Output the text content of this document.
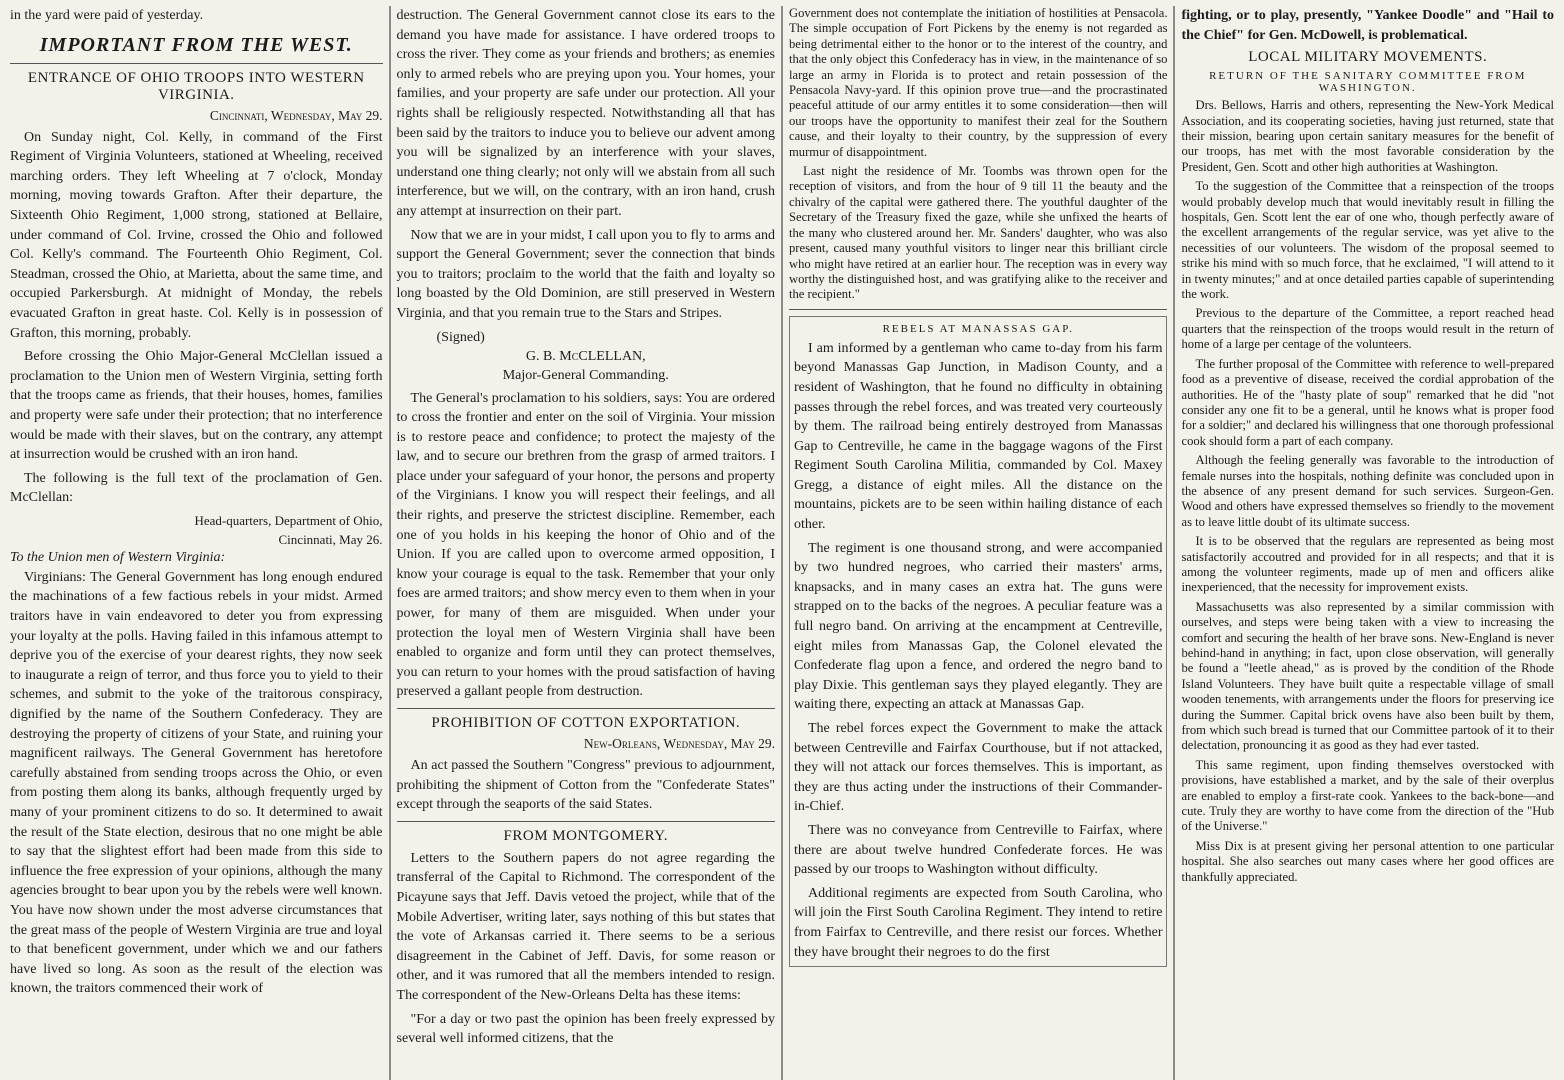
in the yard were paid of yesterday.

IMPORTANT FROM THE WEST.
ENTRANCE OF OHIO TROOPS INTO WESTERN VIRGINIA.
Cincinnati, Wednesday, May 29.

On Sunday night, Col. Kelly, in command of the First Regiment of Virginia Volunteers, stationed at Wheeling, received marching orders. They left Wheeling at 7 o'clock, Monday morning, moving towards Grafton. After their departure, the Sixteenth Ohio Regiment, 1,000 strong, stationed at Bellaire, under command of Col. Irvine, crossed the Ohio and followed Col. Kelly's command. The Fourteenth Ohio Regiment, Col. Steadman, crossed the Ohio, at Marietta, about the same time, and occupied Parkersburgh. At midnight of Monday, the rebels evacuated Grafton in great haste. Col. Kelly is in possession of Grafton, this morning, probably.

Before crossing the Ohio Major-General McClellan issued a proclamation to the Union men of Western Virginia, setting forth that the troops came as friends, that their houses, homes, families and property were safe under their protection; that no interference would be made with their slaves, but on the contrary, any attempt at insurrection would be crushed with an iron hand.

The following is the full text of the proclamation of Gen. McClellan:

Head-quarters, Department of Ohio,
Cincinnati, May 26.
To the Union men of Western Virginia:

Virginians: The General Government has long enough endured the machinations of a few factious rebels in your midst. Armed traitors have in vain endeavored to deter you from expressing your loyalty at the polls. Having failed in this infamous attempt to deprive you of the exercise of your dearest rights, they now seek to inaugurate a reign of terror, and thus force you to yield to their schemes, and submit to the yoke of the traitorous conspiracy, dignified by the name of the Southern Confederacy. They are destroying the property of citizens of your State, and ruining your magnificent railways. The General Government has heretofore carefully abstained from sending troops across the Ohio, or even from posting them along its banks, although frequently urged by many of your prominent citizens to do so. It determined to await the result of the State election, desirous that no one might be able to say that the slightest effort had been made from this side to influence the free expression of your opinions, although the many agencies brought to bear upon you by the rebels were well known. You have now shown under the most adverse circumstances that the great mass of the people of Western Virginia are true and loyal to that beneficent government, under which we and our fathers have lived so long. As soon as the result of the election was known, the traitors commenced their work of

destruction. The General Government cannot close its ears to the demand you have made for assistance. I have ordered troops to cross the river. They come as your friends and brothers; as enemies only to armed rebels who are preying upon you. Your homes, your families, and your property are safe under our protection. All your rights shall be religiously respected. Notwithstanding all that has been said by the traitors to induce you to believe our advent among you will be signalized by an interference with your slaves, understand one thing clearly; not only will we abstain from all such interference, but we will, on the contrary, with an iron hand, crush any attempt at insurrection on their part.

Now that we are in your midst, I call upon you to fly to arms and support the General Government; sever the connection that binds you to traitors; proclaim to the world that the faith and loyalty so long boasted by the Old Dominion, are still preserved in Western Virginia, and that you remain true to the Stars and Stripes.

(Signed)
G. B. McCLELLAN,
Major-General Commanding.

The General's proclamation to his soldiers, says: You are ordered to cross the frontier and enter on the soil of Virginia. Your mission is to restore peace and confidence; to protect the majesty of the law, and to secure our brethren from the grasp of armed traitors. I place under your safeguard of your honor, the persons and property of the Virginians. I know you will respect their feelings, and all their rights, and preserve the strictest discipline. Remember, each one of you holds in his keeping the honor of Ohio and of the Union. If you are called upon to overcome armed opposition, I know your courage is equal to the task. Remember that your only foes are armed traitors; and show mercy even to them when in your power, for many of them are misguided. When under your protection the loyal men of Western Virginia shall have been enabled to organize and form until they can protect themselves, you can return to your homes with the proud satisfaction of having preserved a gallant people from destruction.

PROHIBITION OF COTTON EXPORTATION.
New-Orleans, Wednesday, May 29.

An act passed the Southern "Congress" previous to adjournment, prohibiting the shipment of Cotton from the "Confederate States" except through the seaports of the said States.

FROM MONTGOMERY.

Letters to the Southern papers do not agree regarding the transferral of the Capital to Richmond. The correspondent of the Picayune says that Jeff. Davis vetoed the project, while that of the Mobile Advertiser, writing later, says nothing of this but states that the vote of Arkansas carried it. There seems to be a serious disagreement in the Cabinet of Jeff. Davis, for some reason or other, and it was rumored that all the members intended to resign. The correspondent of the New-Orleans Delta has these items:

"For a day or two past the opinion has been freely expressed by several well informed citizens, that the

Government does not contemplate the initiation of hostilities at Pensacola. The simple occupation of Fort Pickens by the enemy is not regarded as being detrimental either to the honor or to the interest of the country, and that the only object this Confederacy has in view, in the maintenance of so large an army in Florida is to protect and retain possession of the Pensacola Navy-yard. If this opinion prove true—and the procrastinated peaceful attitude of our army entitles it to some consideration—then will our troops have the opportunity to manifest their zeal for the Southern cause, and their loyalty to their country, by the suppression of every murmur of disappointment.

Last night the residence of Mr. Toombs was thrown open for the reception of visitors, and from the hour of 9 till 11 the beauty and the chivalry of the capital were gathered there. The youthful daughter of the Secretary of the Treasury fixed the gaze, while she unfixed the hearts of the many who clustered around her. Mr. Sanders' daughter, who was also present, caused many youthful visitors to linger near this brilliant circle who might have retired at an earlier hour. The reception was in every way worthy the distinguished host, and was gratifying alike to the receiver and the recipient."

REBELS AT MANASSAS GAP.

I am informed by a gentleman who came to-day from his farm beyond Manassas Gap Junction, in Madison County, and a resident of Washington, that he found no difficulty in obtaining passes through the rebel forces, and was treated very courteously by them. The railroad being entirely destroyed from Manassas Gap to Centreville, he came in the baggage wagons of the First Regiment South Carolina Militia, commanded by Col. Maxey Gregg, a distance of eight miles. All the distance on the mountains, pickets are to be seen within hailing distance of each other.

The regiment is one thousand strong, and were accompanied by two hundred negroes, who carried their masters' arms, knapsacks, and in many cases an extra hat. The guns were strapped on to the backs of the negroes. A peculiar feature was a full negro band. On arriving at the encampment at Centreville, eight miles from Manassas Gap, the Colonel elevated the Confederate flag upon a fence, and ordered the negro band to play Dixie. This gentleman says they played elegantly. They are waiting there, expecting an attack at Manassas Gap.

The rebel forces expect the Government to make the attack between Centreville and Fairfax Courthouse, but if not attacked, they will not attack our forces themselves. This is important, as they are thus acting under the instructions of their Commander-in-Chief.

There was no conveyance from Centreville to Fairfax, where there are about twelve hundred Confederate forces. He was passed by our troops to Washington without difficulty.

Additional regiments are expected from South Carolina, who will join the First South Carolina Regiment. They intend to retire from Fairfax to Centreville, and there resist our forces. Whether they have brought their negroes to do the first

fighting, or to play, presently, "Yankee Doodle" and "Hail to the Chief" for Gen. McDowell, is problematical.

LOCAL MILITARY MOVEMENTS.
RETURN OF THE SANITARY COMMITTEE FROM WASHINGTON.

Drs. Bellows, Harris and others, representing the New-York Medical Association, and its cooperating societies, having just returned, state that their mission, bearing upon certain sanitary measures for the benefit of our troops, has met with the most favorable consideration by the President, Gen. Scott and other high authorities at Washington.

To the suggestion of the Committee that a reinspection of the troops would probably develop much that would inevitably result in filling the hospitals, Gen. Scott lent the ear of one who, though perfectly aware of the excellent arrangements of the regular service, was yet alive to the necessities of our volunteers. The wisdom of the proposal seemed to strike his mind with so much force, that he exclaimed, "I will attend to it in twenty minutes;" and at once detailed parties capable of superintending the work.

Previous to the departure of the Committee, a report reached head quarters that the reinspection of the troops would result in the return of home of a large per centage of the volunteers.

The further proposal of the Committee with reference to well-prepared food as a preventive of disease, received the cordial approbation of the authorities. He of the "hasty plate of soup" remarked that he did "not consider any one fit to be a general, until he knows what is proper food for a soldier;" and declared his willingness that one thorough professional cook should form a part of each company.

Although the feeling generally was favorable to the introduction of female nurses into the hospitals, nothing definite was concluded upon in the absence of any present demand for such services. Surgeon-Gen. Wood and others have expressed themselves so friendly to the movement as to leave little doubt of its ultimate success.

It is to be observed that the regulars are represented as being most satisfactorily accoutred and provided for in all respects; and that it is among the volunteer regiments, made up of men and officers alike inexperienced, that the necessity for improvement exists.

Massachusetts was also represented by a similar commission with ourselves, and steps were being taken with a view to increasing the comfort and securing the health of her brave sons. New-England is never behind-hand in anything; in fact, upon close observation, will generally be found a "leetle ahead," as is proved by the condition of the Rhode Island Volunteers. They have built quite a respectable village of small wooden tenements, with arrangements under the floors for preserving ice during the Summer. Capital brick ovens have also been built by them, from which such bread is turned that our Committee partook of it to their delectation, pronouncing it as good as they had ever tasted.

This same regiment, upon finding themselves overstocked with provisions, have established a market, and by the sale of their overplus are enabled to employ a first-rate cook. Yankees to the back-bone—and cute. Truly they are worthy to have come from the direction of the "Hub of the Universe."

Miss Dix is at present giving her personal attention to one particular hospital. She also searches out many cases where her good offices are thankfully appreciated.
